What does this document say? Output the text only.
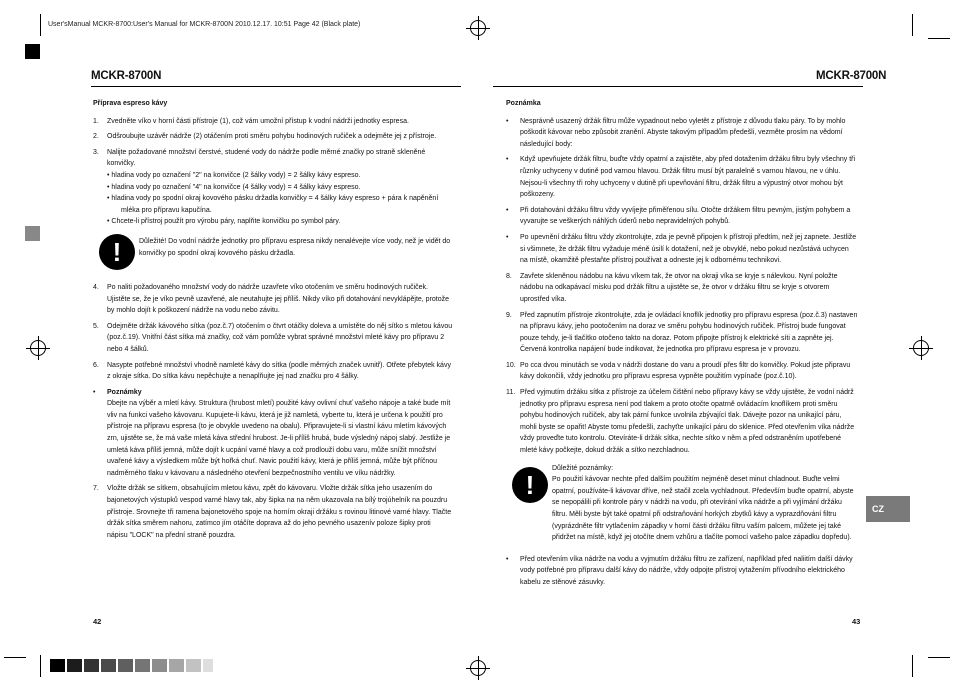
User'sManual MCKR-8700:User's Manual for MCKR-8700N 2010.12.17. 10:51 Page 42 (Black plate)
MCKR-8700N

Příprava espreso kávy

1. Zvedněte víko v horní části přístroje (1), což vám umožní přístup k vodní nádrži jednotky espresa.

2. Odšroubujte uzávěr nádrže (2) otáčením proti směru pohybu hodinových ručiček a odejměte jej z přístroje.

3. Nalijte požadované množství čerstvé, studené vody do nádrže podle měrné značky po straně skleněné konvičky.

• hladina vody po označení "2" na konvičce (2 šálky vody) = 2 šálky kávy espreso.

• hladina vody po označení "4" na konvičce (4 šálky vody) = 4 šálky kávy espreso.

• hladina vody po spodní okraj kovového pásku držadla konvičky = 4 šálky kávy espreso + pára k napěnění

mléka pro přípravu kapučína.

• Chcete-li přístroj použít pro výrobu páry, naplňte konvičku po symbol páry.

!	Důležité! Do vodní nádrže jednotky pro přípravu espresa nikdy nenalévejte více vody, než je vidět do konvičky po spodní okraj kovového pásku držadla.

4. Po naliti požadovaného množství vody do nádrže uzavřete víko otočením ve směru hodinových ručiček. Ujistěte se, že je víko pevně uzavřené, ale neutahujte jej příliš. Nikdy víko při dotahování nevyklápějte, protože by mohlo dojít k poškození nádrže na vodu nebo závitu.

5. Odejměte držák kávového sítka (poz.č.7) otočením o čtvrt otáčky doleva a umístěte do něj sítko s mletou kávou (poz.č.19). Vnitřní část sítka má značky, což vám pomůže vybrat správné množství mleté kávy pro přípravu 2 nebo 4 šálků.

6. Nasypte potřebné množství vhodně namleté kávy do sítka (podle měrných značek uvnitř). Otřete přebytek kávy z okraje sítka. Do sítka kávu nepěchujte a nenaplňujte jej nad značku pro 4 šálky.

• Poznámky

Dbejte na výběr a mletí kávy. Struktura (hrubost mletí) použité kávy ovlivní chuť vašeho nápoje a také bude mít vliv na funkci vašeho kávovaru. Kupujete-li kávu, která je již namletá, vyberte tu, která je určena k použití pro přístroje na přípravu espresa (to je obvykle uvedeno na obalu). Připravujete-li si vlastní kávu mletím kávových zrn, ujistěte se, že má vaše mletá káva střední hrubost. Je-li příliš hrubá, bude výsledný nápoj slabý. Jestliže je umletá káva příliš jemná, může dojít k ucpání varné hlavy a což prodlouží dobu varu, může snížit množství uvařené kávy a výsledkem může být hořká chuť. Navic použití kávy, která je příliš jemná, může být příčnou nadměrného tlaku v kávovaru a následného otevření bezpečnostního ventilu ve víku nádržky.

7. Vložte držák se sítkem, obsahujícím mletou kávu, zpět do kávovaru. Vložte držák sítka jeho usazením do bajonetových výstupků vespod varné hlavy tak, aby šipka na na něm ukazovala na bílý trojúhelník na pouzdru přístroje. Srovnejte tři ramena bajonetového spoje na horním okraji držáku s rovinou litinové varné hlavy. Tlačte držák sítka směrem nahoru, zatímco jím otáčíte doprava až do jeho pevného usazenív poloze šipky proti nápisu "LOCK" na přední straně pouzdra.

42
MCKR-8700N

Poznámka

• Nesprávně usazený držák filtru může vypadnout nebo vyletět z přístroje z důvodu tlaku páry. To by mohlo poškodit kávovar nebo způsobit zranění. Abyste takovým případům předešli, vezměte prosím na vědomí následující body:

• Když upevňujete držák filtru, buďte vždy opatrní a zajistěte, aby před dotažením držáku filtru byly všechny tři různky uchyceny v dutině pod varnou hlavou. Držák filtru musí být paralelně s varnou hlavou, ne v úhlu. Nejsou-li všechny tři rohy uchyceny v dutině při upevňování filtru, držák filtru a výpustný otvor mohou být poškozeny.

• Při dotahování držáku filtru vždy vyvíjejte přiměřenou sílu. Otočte držákem filtru pevným, jistým pohybem a vyvarujte se veškerých náhlých úderů nebo nepravidelných pohybů.

• Po upevnění držáku filtru vždy zkontrolujte, zda je pevně připojen k přístroji předtím, než jej zapnete. Jestliže si všimnete, že držák filtru vyžaduje méně úsilí k dotažení, než je obvyklé, nebo pokud nezůstává uchycen na místě, okamžitě přestaňte přístroj používat a odneste jej k odbornému technikovi.

8. Zavřete skleněnou nádobu na kávu víkem tak, že otvor na okraji víka se kryje s nálevkou. Nyní položte nádobu na odkapávací misku pod držák filtru a ujistěte se, že otvor v držáku filtru se kryje s otvorem uprostřed víka.

9. Před zapnutím přístroje zkontrolujte, zda je ovládací knoflík jednotky pro přípravu espresa (poz.č.3) nastaven na přípravu kávy, jeho pootočením na doraz ve směru pohybu hodinových ručiček. Přístroj bude fungovat pouze tehdy, je-li tlačítko otočeno takto na doraz. Potom připojte přístroj k elektrické síti a zapněte jej. Červená kontrolka napájení bude indikovat, že jednotka pro přípravu espresa je v provozu.

10. Po cca dvou minutách se voda v nádrži dostane do varu a proudí přes filtr do konvičky. Pokud jste připravu kávy dokončili, vždy jednotku pro přípravu espresa vypněte použitím vypínače (poz.č.10).

11. Před vyjmutím držáku sítka z přístroje za účelem čištění nebo přípravy kávy se vždy ujistěte, že vodní nádrž jednotky pro přípravu espresa není pod tlakem a proto otočte opatrně ovládacím knoflíkem proti směru pohybu hodinových ručiček, aby tak pární funkce uvolnila zbývající tlak. Dávejte pozor na unikající páru, mohli byste se opařit! Abyste tomu předešli, zachyťte unikající páru do sklenice. Před otevřením víka nádrže vždy proveďte tuto kontrolu. Otevíráte-li držák sítka, nechte sítko v něm a před odstraněním upotřebené mleté kávy počkejte, dokud držák a sítko nezchladnou.

!

Důležité poznámky:

Po použití kávovar nechte před dalším použitím nejméně deset minut chladnout. Buďte velmi opatrní, používáte-li kávovar dříve, než stačil zcela vychladnout. Především buďte opatrní, abyste se nepopálili při kontrole páry v nádrži na vodu, při otevírání víka nádrže a při vyjímání držáku filtru. Měli byste být také opatrní při odstraňování horkých zbytků kávy a vyprazdňování filtru (vyprázdněte filtr vytlačením západky v horní části držáku filtru vaším palcem, můžete jej také přidržet na místě, když jej otočíte dnem vzhůru a tlačíte pomocí vašeho palce západku dopředu).

• Před otevřením víka nádrže na vodu a vyjmutím držáku filtru ze zařízení, například před naliitím další dávky vody potřebné pro přípravu další kávy do nádrže, vždy odpojte přístroj vytažením přívodního elektrického kabelu ze stěnové zásuvky.

CZ
43
